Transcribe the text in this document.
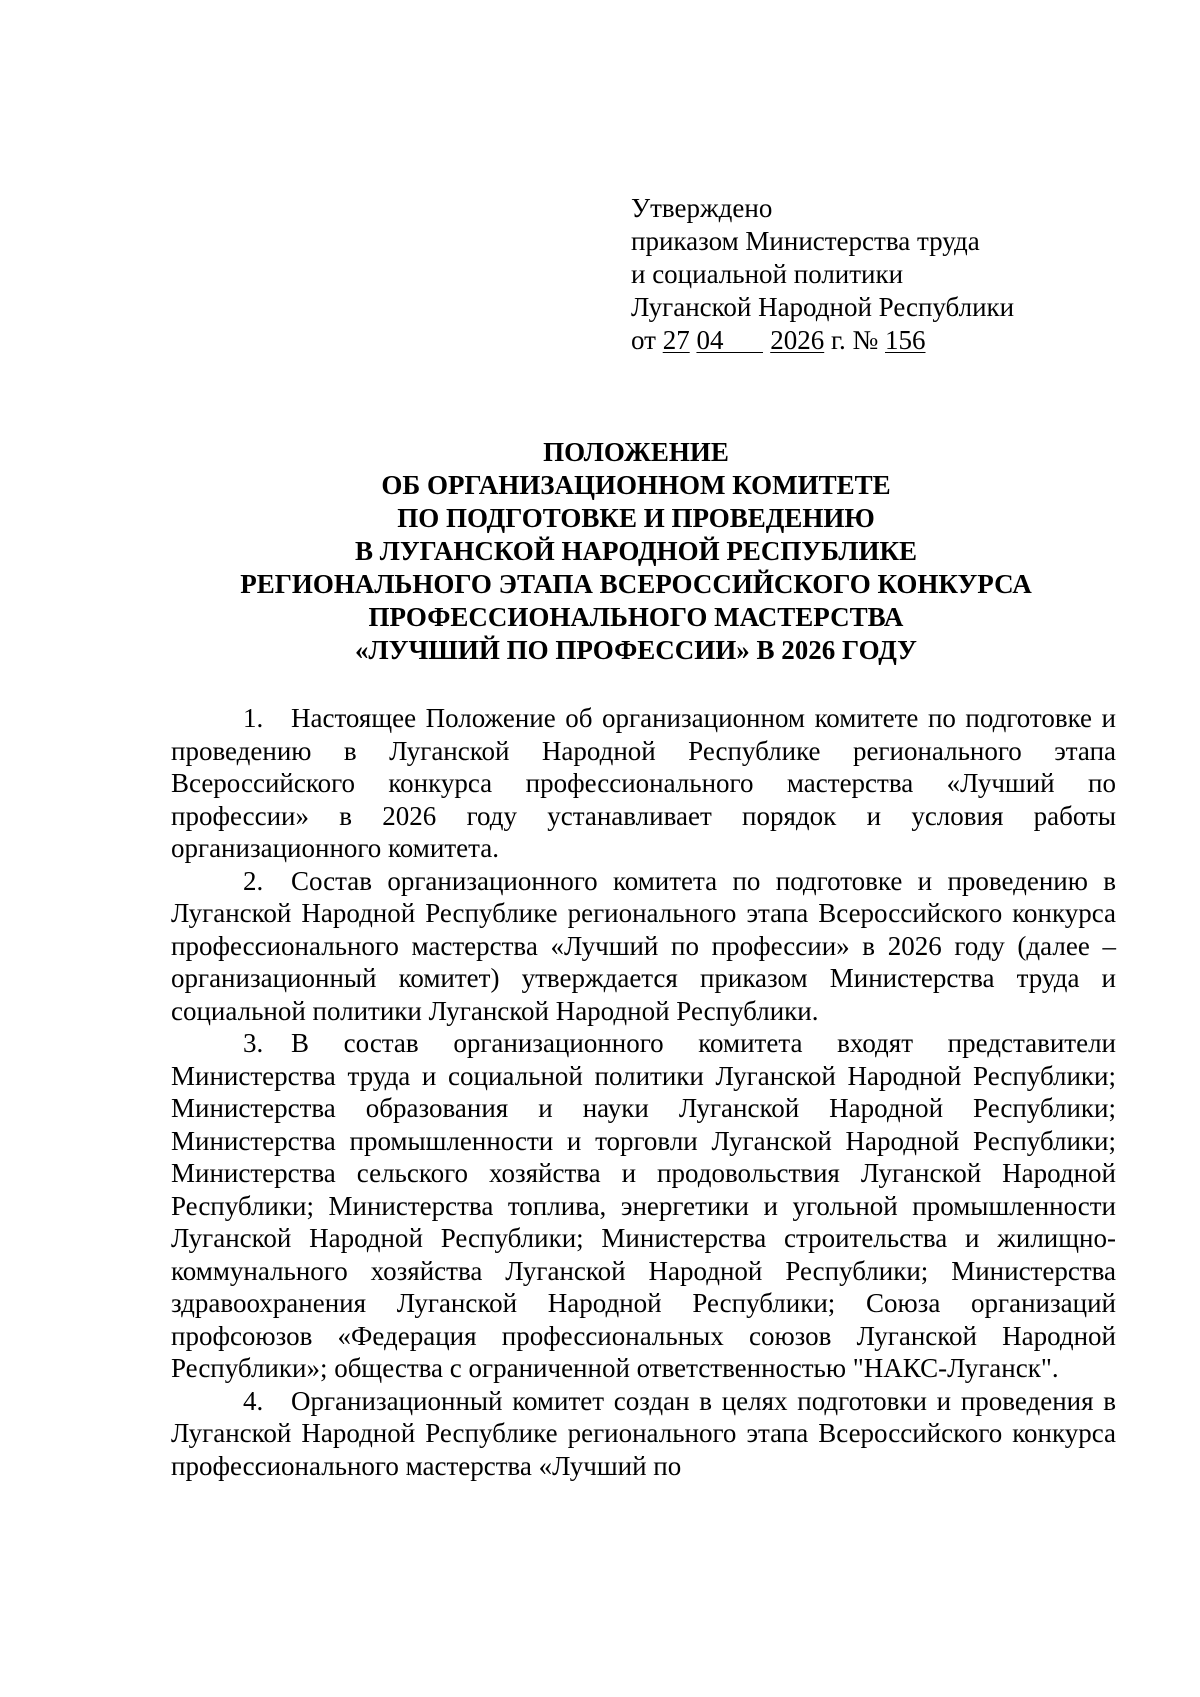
Утверждено
приказом Министерства труда
и социальной политики
Луганской Народной Республики
от 27 04 2026 г. № 156
ПОЛОЖЕНИЕ
ОБ ОРГАНИЗАЦИОННОМ КОМИТЕТЕ
ПО ПОДГОТОВКЕ И ПРОВЕДЕНИЮ
В ЛУГАНСКОЙ НАРОДНОЙ РЕСПУБЛИКЕ
РЕГИОНАЛЬНОГО ЭТАПА ВСЕРОССИЙСКОГО КОНКУРСА
ПРОФЕССИОНАЛЬНОГО МАСТЕРСТВА
«ЛУЧШИЙ ПО ПРОФЕССИИ» В 2026 ГОДУ

1. Настоящее Положение об организационном комитете по подготовке и проведению в Луганской Народной Республике регионального этапа Всероссийского конкурса профессионального мастерства «Лучший по профессии» в 2026 году устанавливает порядок и условия работы организационного комитета.

2. Состав организационного комитета по подготовке и проведению в Луганской Народной Республике регионального этапа Всероссийского конкурса профессионального мастерства «Лучший по профессии» в 2026 году (далее – организационный комитет) утверждается приказом Министерства труда и социальной политики Луганской Народной Республики.

3. В состав организационного комитета входят представители Министерства труда и социальной политики Луганской Народной Республики; Министерства образования и науки Луганской Народной Республики; Министерства промышленности и торговли Луганской Народной Республики; Министерства сельского хозяйства и продовольствия Луганской Народной Республики; Министерства топлива, энергетики и угольной промышленности Луганской Народной Республики; Министерства строительства и жилищно-коммунального хозяйства Луганской Народной Республики; Министерства здравоохранения Луганской Народной Республики; Союза организаций профсоюзов «Федерация профессиональных союзов Луганской Народной Республики»; общества с ограниченной ответственностью "НАКС-Луганск".

4. Организационный комитет создан в целях подготовки и проведения в Луганской Народной Республике регионального этапа Всероссийского конкурса профессионального мастерства «Лучший по
